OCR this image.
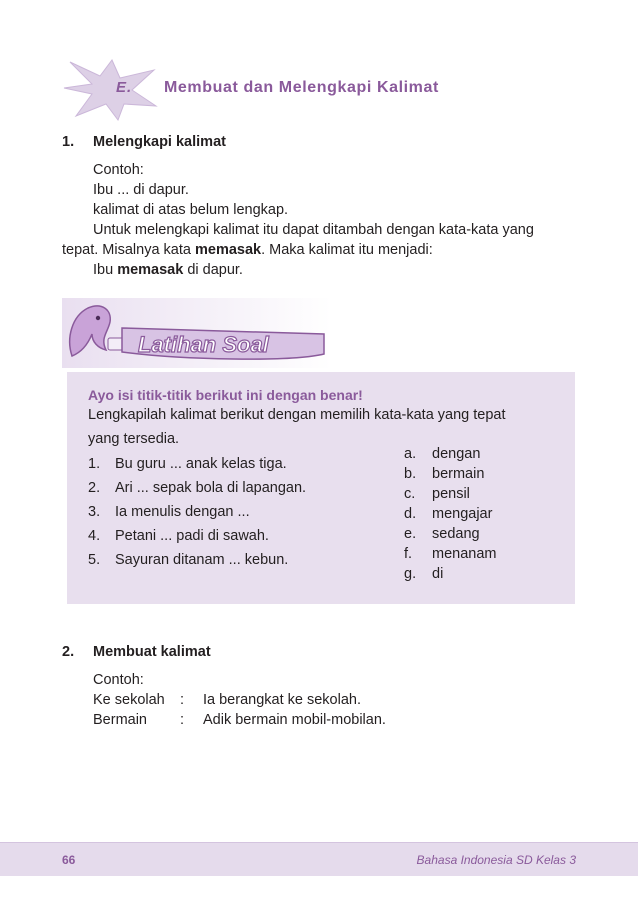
E. Membuat dan Melengkapi Kalimat
1. Melengkapi kalimat
Contoh:
Ibu ... di dapur.
kalimat di atas belum lengkap.
Untuk melengkapi kalimat itu dapat ditambah dengan kata-kata yang
tepat. Misalnya kata memasak. Maka kalimat itu menjadi:
Ibu memasak di dapur.
Latihan Soal
Ayo isi titik-titik berikut ini dengan benar!
Lengkapilah kalimat berikut dengan memilih kata-kata yang tepat
yang tersedia.
1. Bu guru ... anak kelas tiga.
2. Ari ... sepak bola di lapangan.
3. Ia menulis dengan ...
4. Petani ... padi di sawah.
5. Sayuran ditanam ... kebun.
a. dengan
b. bermain
c. pensil
d. mengajar
e. sedang
f. menanam
g. di
2. Membuat kalimat
Contoh:
Ke sekolah : Ia berangkat ke sekolah.
Bermain : Adik bermain mobil-mobilan.
66	Bahasa Indonesia SD Kelas 3
